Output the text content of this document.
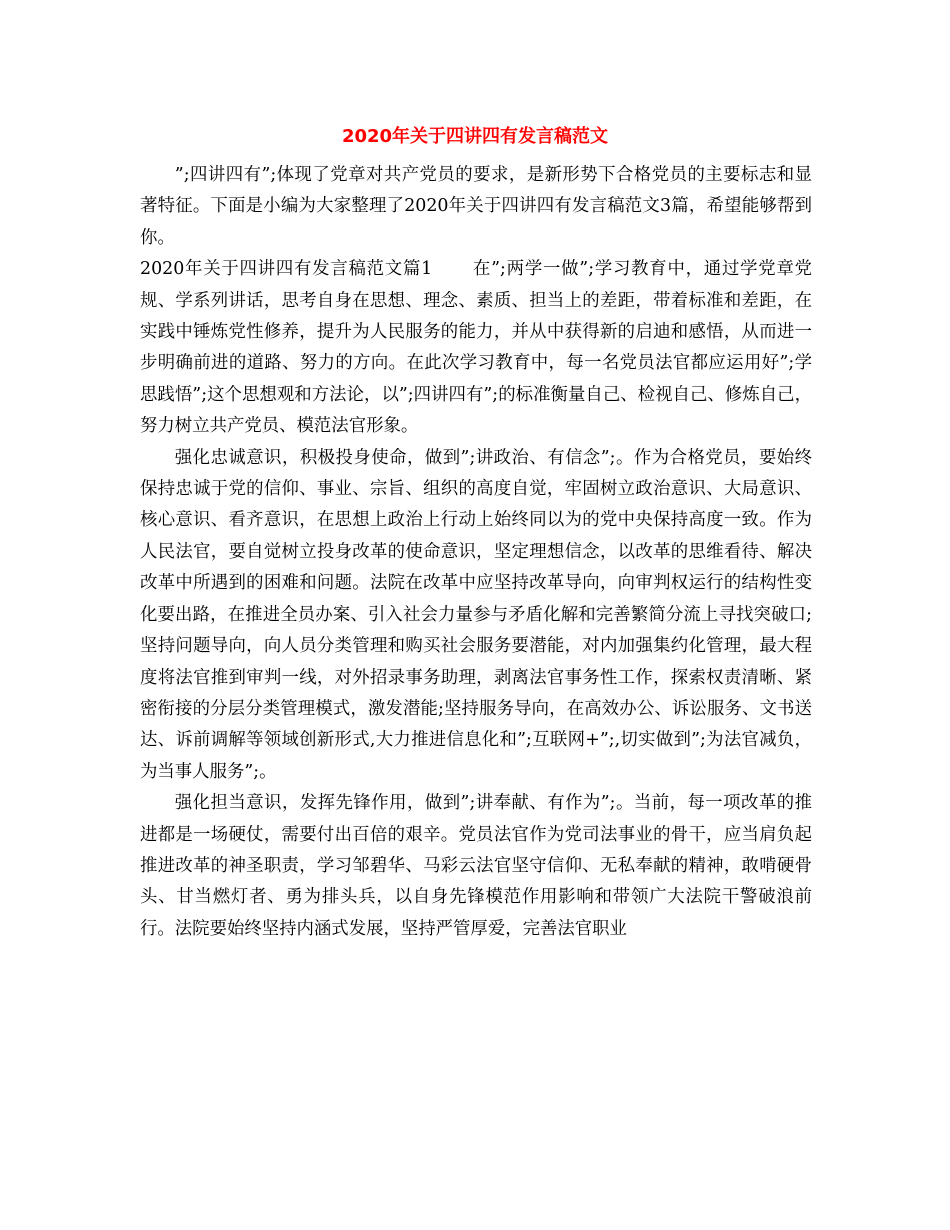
2020年关于四讲四有发言稿范文

”;四讲四有”;体现了党章对共产党员的要求，是新形势下合格党员的主要标志和显著特征。下面是小编为大家整理了2020年关于四讲四有发言稿范文3篇，希望能够帮到你。

2020年关于四讲四有发言稿范文篇1 在”;两学一做”;学习教育中，通过学党章党规、学系列讲话，思考自身在思想、理念、素质、担当上的差距，带着标准和差距，在实践中锤炼党性修养，提升为人民服务的能力，并从中获得新的启迪和感悟，从而进一步明确前进的道路、努力的方向。在此次学习教育中，每一名党员法官都应运用好”;学思践悟”;这个思想观和方法论，以”;四讲四有”;的标准衡量自己、检视自己、修炼自己，努力树立共产党员、模范法官形象。

强化忠诚意识，积极投身使命，做到”;讲政治、有信念”;。作为合格党员，要始终保持忠诚于党的信仰、事业、宗旨、组织的高度自觉，牢固树立政治意识、大局意识、核心意识、看齐意识，在思想上政治上行动上始终同以为的党中央保持高度一致。作为人民法官，要自觉树立投身改革的使命意识，坚定理想信念，以改革的思维看待、解决改革中所遇到的困难和问题。法院在改革中应坚持改革导向，向审判权运行的结构性变化要出路，在推进全员办案、引入社会力量参与矛盾化解和完善繁简分流上寻找突破口;坚持问题导向，向人员分类管理和购买社会服务要潜能，对内加强集约化管理，最大程度将法官推到审判一线，对外招录事务助理，剥离法官事务性工作，探索权责清晰、紧密衔接的分层分类管理模式，激发潜能;坚持服务导向，在高效办公、诉讼服务、文书送达、诉前调解等领域创新形式,大力推进信息化和”;互联网+”;,切实做到”;为法官减负，为当事人服务”;。

强化担当意识，发挥先锋作用，做到”;讲奉献、有作为”;。当前，每一项改革的推进都是一场硬仗，需要付出百倍的艰辛。党员法官作为党司法事业的骨干，应当肩负起推进改革的神圣职责，学习邹碧华、马彩云法官坚守信仰、无私奉献的精神，敢啃硬骨头、甘当燃灯者、勇为排头兵，以自身先锋模范作用影响和带领广大法院干警破浪前行。法院要始终坚持内涵式发展，坚持严管厚爱，完善法官职业
